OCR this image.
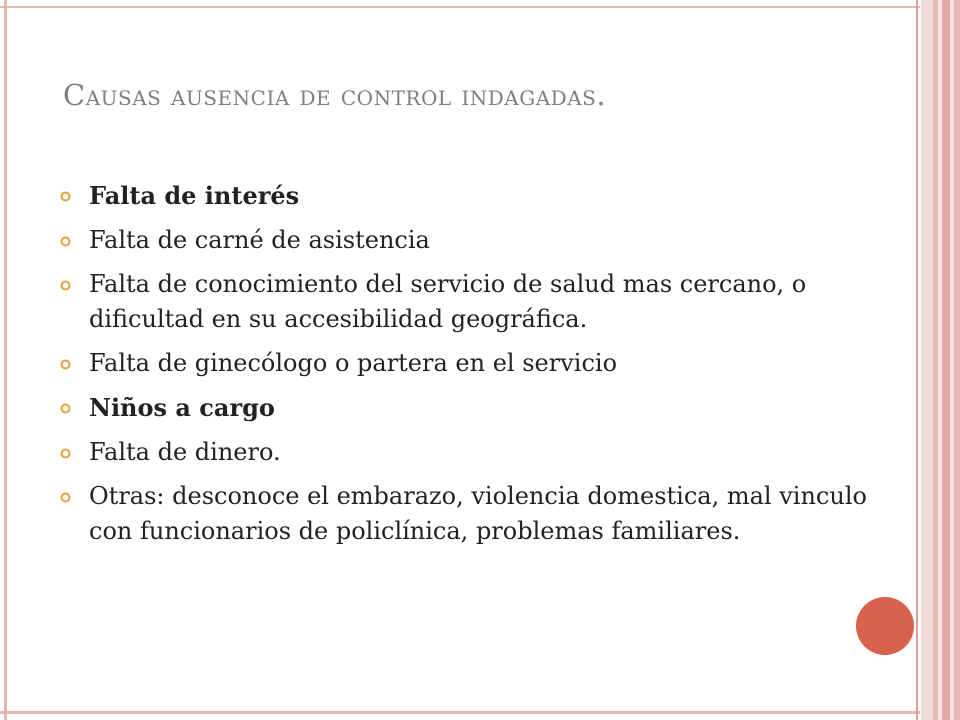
Causas ausencia de control indagadas.
Falta de interés
Falta de carné de asistencia
Falta de conocimiento del servicio de salud mas cercano, o dificultad en su accesibilidad geográfica.
Falta de ginecólogo o partera en el servicio
Niños a cargo
Falta de dinero.
Otras: desconoce el embarazo, violencia domestica, mal vinculo con funcionarios de policlínica, problemas familiares.
